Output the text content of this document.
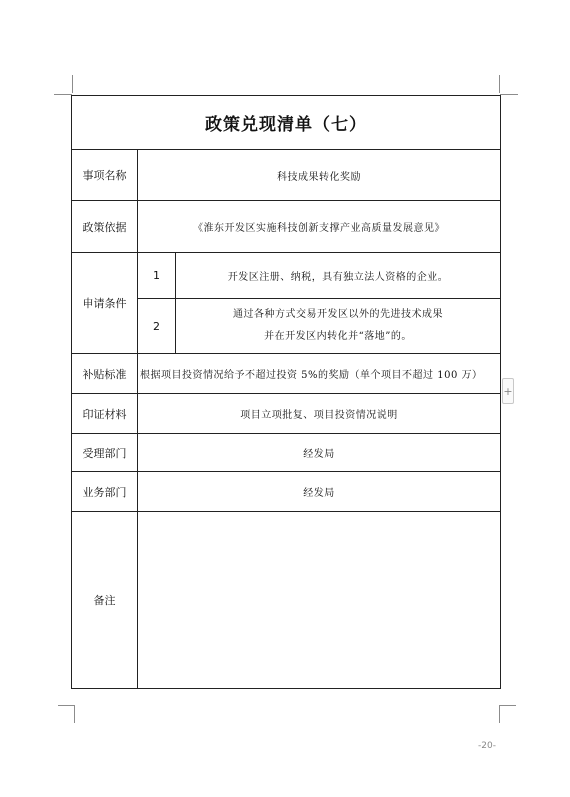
政策兑现清单（七）		
事项名称	科技成果转化奖励	
政策依据	《淮东开发区实施科技创新支撑产业高质量发展意见》	
申请条件	1	开发区注册、纳税，具有独立法人资格的企业。
	2	通过各种方式交易开发区以外的先进技术成果
并在开发区内转化并“落地”的。

补贴标准	根据项目投资情况给予不超过投资 5%的奖励（单个项目不超过 100 万）	
印证材料	项目立项批复、项目投资情况说明	
受理部门	经发局	
业务部门	经发局	
备注		
+
-20-
